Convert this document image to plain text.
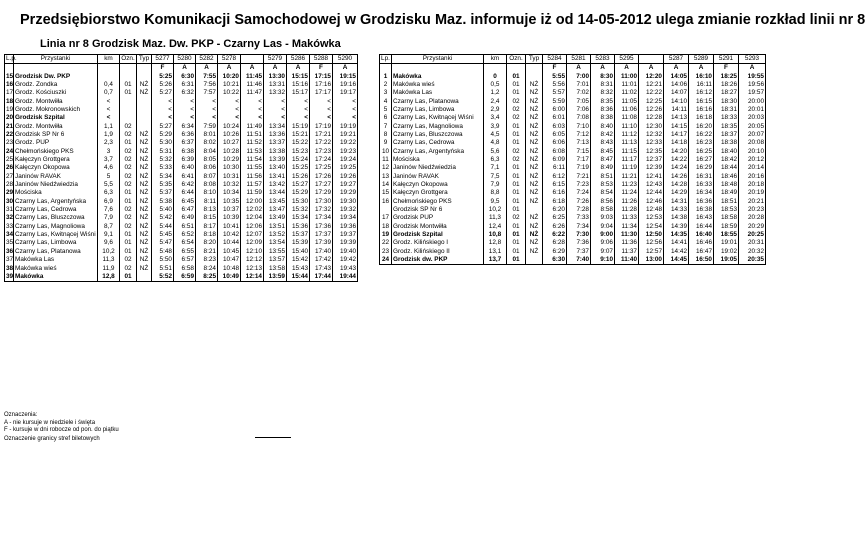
Przedsiębiorstwo Komunikacji Samochodowej w Grodzisku Maz. informuje iż od 14-05-2012 ulega zmianie rozkład linii nr 8
Linia nr 8 Grodzisk Maz. Dw. PKP - Czarny Las - Makówka
L.p.	Przystanki	km	Ozn.	Typ	5277	5280	5282	5278		5279	5286	5288	5290
					F	A	A	A	A	A	A	F	A
15	Grodzisk Dw. PKP				5:25	6:30	7:55	10:20	11:45	13:30	15:15	17:15	19:15
16	Grodz. Zondka	0,4	01	NŻ	5:26	6:31	7:56	10:21	11:46	13:31	15:16	17:16	19:16
17	Grodz. Kościuszki	0,7	01	NŻ	5:27	6:32	7:57	10:22	11:47	13:32	15:17	17:17	19:17
18	Grodz. Montwiłła	<			<	<	<	<	<	<	<	<	<
19	Grodz. Mokronowskich	<			<	<	<	<	<	<	<	<	<
20	Grodzisk Szpital	<			<	<	<	<	<	<	<	<	<
21	Grodz. Montwiłła	1,1	02		5:27	6:34	7:59	10:24	11:49	13:34	15:19	17:19	19:19
22	Grodzisk SP Nr 6	1,9	02	NŻ	5:29	6:36	8:01	10:26	11:51	13:36	15:21	17:21	19:21
23	Grodz. PUP	2,3	01	NŻ	5:30	6:37	8:02	10:27	11:52	13:37	15:22	17:22	19:22
24	Chełmońskiego PKS	3	02	NŻ	5:31	6:38	8:04	10:28	11:53	13:38	15:23	17:23	19:23
25	Kałęczyn Grottgera	3,7	02	NŻ	5:32	6:39	8:05	10:29	11:54	13:39	15:24	17:24	19:24
26	Kałęczyn Okopowa	4,6	02	NŻ	5:33	6:40	8:06	10:30	11:55	13:40	15:25	17:25	19:25
27	Janinów RAVAK	5	02	NŻ	5:34	6:41	8:07	10:31	11:56	13:41	15:26	17:26	19:26
28	Janinów Niedźwiedzia	5,5	02	NŻ	5:35	6:42	8:08	10:32	11:57	13:42	15:27	17:27	19:27
29	Mościska	6,3	01	NŻ	5:37	6:44	8:10	10:34	11:59	13:44	15:29	17:29	19:29
30	Czarny Las, Argentyńska	6,9	01	NŻ	5:38	6:45	8:11	10:35	12:00	13:45	15:30	17:30	19:30
31	Czarny Las, Cedrowa	7,6	02	NŻ	5:40	6:47	8:13	10:37	12:02	13:47	15:32	17:32	19:32
32	Czarny Las, Bluszczowa	7,9	02	NŻ	5:42	6:49	8:15	10:39	12:04	13:49	15:34	17:34	19:34
33	Czarny Las, Magnoliowa	8,7	02	NŻ	5:44	6:51	8:17	10:41	12:06	13:51	15:36	17:36	19:36
34	Czarny Las, Kwitnącej Wiśni	9,1	01	NŻ	5:45	6:52	8:18	10:42	12:07	13:52	15:37	17:37	19:37
35	Czarny Las, Limbowa	9,6	01	NŻ	5:47	6:54	8:20	10:44	12:09	13:54	15:39	17:39	19:39
36	Czarny Las, Platanowa	10,2	01	NŻ	5:48	6:55	8:21	10:45	12:10	13:55	15:40	17:40	19:40
37	Makówka Las	11,3	02	NŻ	5:50	6:57	8:23	10:47	12:12	13:57	15:42	17:42	19:42
38	Makówka wieś	11,9	02	NŻ	5:51	6:58	8:24	10:48	12:13	13:58	15:43	17:43	19:43
39	Makówka	12,8	01		5:52	6:59	8:25	10:49	12:14	13:59	15:44	17:44	19:44
Lp.	Przystanki	km	Ozn.	Typ	5284	5281	5283	5295		5287	5289	5291	5293
					F	A	A	A	A	A	A	F	A
1	Makówka	0	01		5:55	7:00	8:30	11:00	12:20	14:05	16:10	18:25	19:55
2	Makówka wieś	0,5	01	NŻ	5:56	7:01	8:31	11:01	12:21	14:06	16:11	18:26	19:56
3	Makówka Las	1,2	01	NŻ	5:57	7:02	8:32	11:02	12:22	14:07	16:12	18:27	19:57
4	Czarny Las, Platanowa	2,4	02	NŻ	5:59	7:05	8:35	11:05	12:25	14:10	16:15	18:30	20:00
5	Czarny Las, Limbowa	2,9	02	NŻ	6:00	7:06	8:36	11:06	12:26	14:11	16:16	18:31	20:01
6	Czarny Las, Kwitnącej Wiśni	3,4	02	NŻ	6:01	7:08	8:38	11:08	12:28	14:13	16:18	18:33	20:03
7	Czarny Las, Magnoliowa	3,9	01	NŻ	6:03	7:10	8:40	11:10	12:30	14:15	16:20	18:35	20:05
8	Czarny Las, Bluszczowa	4,5	01	NŻ	6:05	7:12	8:42	11:12	12:32	14:17	16:22	18:37	20:07
9	Czarny Las, Cedrowa	4,8	01	NŻ	6:06	7:13	8:43	11:13	12:33	14:18	16:23	18:38	20:08
10	Czarny Las, Argentyńska	5,6	02	NŻ	6:08	7:15	8:45	11:15	12:35	14:20	16:25	18:40	20:10
11	Mościska	6,3	02	NŻ	6:09	7:17	8:47	11:17	12:37	14:22	16:27	18:42	20:12
12	Janinów Niedźwiedzia	7,1	01	NŻ	6:11	7:19	8:49	11:19	12:39	14:24	16:29	18:44	20:14
13	Janinów RAVAK	7,5	01	NŻ	6:12	7:21	8:51	11:21	12:41	14:26	16:31	18:46	20:16
14	Kałęczyn Okopowa	7,9	01	NŻ	6:15	7:23	8:53	11:23	12:43	14:28	16:33	18:48	20:18
15	Kałęczyn Grottgera	8,8	01	NŻ	6:16	7:24	8:54	11:24	12:44	14:29	16:34	18:49	20:19
16	Chełmońskiego PKS	9,5	01	NŻ	6:18	7:26	8:56	11:26	12:46	14:31	16:36	18:51	20:21
	Grodzisk SP Nr 6	10,2	01		6:20	7:28	8:58	11:28	12:48	14:33	16:38	18:53	20:23
17	Grodzisk PUP	11,3	02	NŻ	6:25	7:33	9:03	11:33	12:53	14:38	16:43	18:58	20:28
18	Grodzisk Montwiłła	12,4	01	NŻ	6:26	7:34	9:04	11:34	12:54	14:39	16:44	18:59	20:29
19	Grodzisk Szpital	10,8	01	NŻ	6:22	7:30	9:00	11:30	12:50	14:35	16:40	18:55	20:25
22	Grodz. Kilińskiego I	12,8	01	NŻ	6:28	7:36	9:06	11:36	12:56	14:41	16:46	19:01	20:31
23	Grodz. Kilińskiego II	13,1	01	NŻ	6:29	7:37	9:07	11:37	12:57	14:42	16:47	19:02	20:32
24	Grodzisk dw. PKP	13,7	01		6:30	7:40	9:10	11:40	13:00	14:45	16:50	19:05	20:35
Oznaczenia:
A - nie kursuje w niedziele i święta
F - kursuje w dni robocze od pon. do piątku
Oznaczenie granicy stref biletowych
